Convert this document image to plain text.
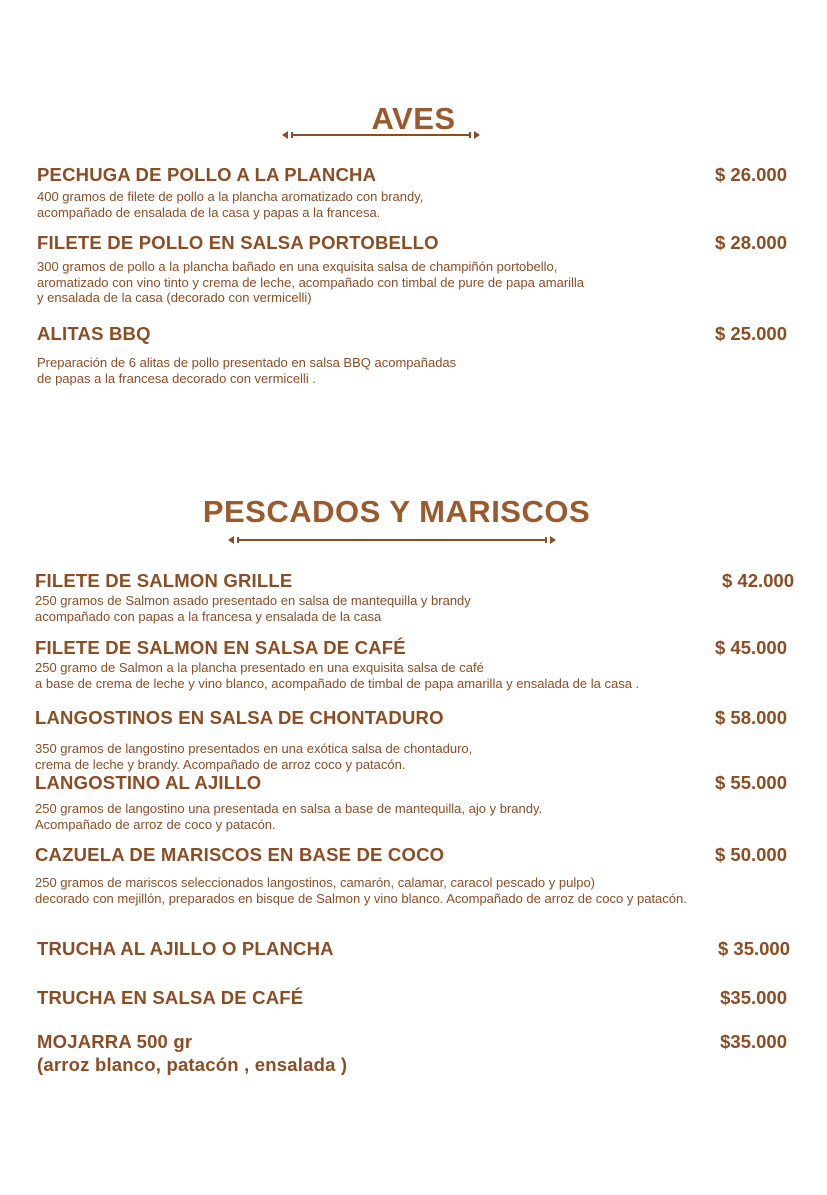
AVES
PECHUGA DE POLLO A LA PLANCHA	$ 26.000
400 gramos de filete de pollo a la plancha aromatizado con brandy,
acompañado de ensalada de la casa y papas a la francesa.
FILETE DE POLLO EN SALSA PORTOBELLO	$ 28.000
300 gramos de pollo a la plancha bañado en una exquisita salsa de champiñón portobello,
aromatizado con vino tinto y crema de leche, acompañado con timbal de pure de papa amarilla
y ensalada de la casa (decorado con vermicelli)
ALITAS BBQ	$ 25.000
Preparación de 6 alitas de pollo presentado en salsa BBQ acompañadas
de papas a la francesa decorado con vermicelli .
PESCADOS Y MARISCOS
FILETE DE SALMON GRILLE	$ 42.000
250 gramos de Salmon asado presentado en salsa de mantequilla y brandy
acompañado con papas a la francesa y ensalada de la casa
FILETE DE SALMON EN SALSA DE CAFÉ	$ 45.000
250 gramo de Salmon a la plancha presentado en una exquisita salsa de café
a base de crema de leche y vino blanco, acompañado de timbal de papa amarilla y ensalada de la casa .
LANGOSTINOS EN SALSA DE CHONTADURO	$ 58.000
350 gramos de langostino presentados en una exótica salsa de chontaduro,
crema de leche y brandy. Acompañado de arroz coco y patacón.
LANGOSTINO AL AJILLO	$ 55.000
250 gramos de langostino una presentada en salsa a base de mantequilla, ajo y brandy.
Acompañado de arroz de coco y patacón.
CAZUELA DE MARISCOS EN BASE DE COCO	$ 50.000
250 gramos de mariscos seleccionados langostinos, camarón, calamar, caracol pescado y pulpo)
decorado con mejillón, preparados en bisque de Salmon y vino blanco. Acompañado de arroz de coco y patacón.
TRUCHA AL AJILLO O PLANCHA	$ 35.000
TRUCHA EN SALSA DE CAFÉ	$35.000
MOJARRA 500 gr
(arroz blanco, patacón , ensalada )
$35.000
